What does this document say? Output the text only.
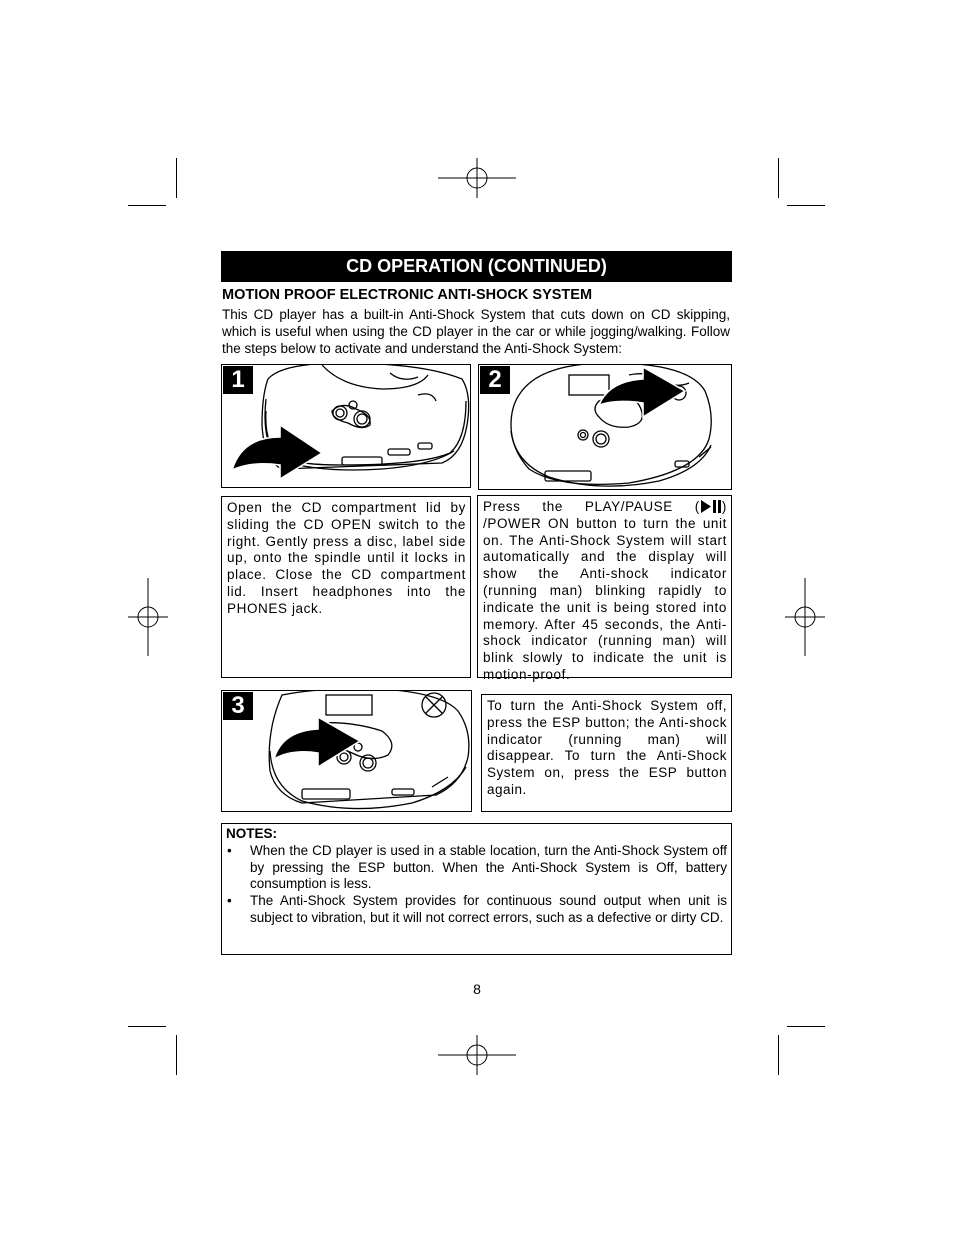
CD OPERATION (CONTINUED)
MOTION PROOF ELECTRONIC ANTI-SHOCK SYSTEM
This CD player has a built-in Anti-Shock System that cuts down on CD skipping, which is useful when using the CD player in the car or while jogging/walking. Follow the steps below to activate and understand the Anti-Shock System:
1	2
Open the CD compartment lid by sliding the CD OPEN switch to the right. Gently press a disc, label side up, onto the spindle until it locks in place. Close the CD compartment lid. Insert headphones into the PHONES jack.
Press the PLAY/PAUSE ( ) /POWER ON button to turn the unit on. The Anti-Shock System will start automatically and the display will show the Anti-shock indicator (running man) blinking rapidly to indicate the unit is being stored into memory. After 45 seconds, the Anti-shock indicator (running man) will blink slowly to indicate the unit is motion-proof.
3	To turn the Anti-Shock System off, press the ESP button; the Anti-shock indicator (running man) will disappear. To turn the Anti-Shock System on, press the ESP button again.
NOTES:
•	When the CD player is used in a stable location, turn the Anti-Shock System off by pressing the ESP button. When the Anti-Shock System is Off, battery consumption is less.
•	The Anti-Shock System provides for continuous sound output when unit is subject to vibration, but it will not correct errors, such as a defective or dirty CD.
8
